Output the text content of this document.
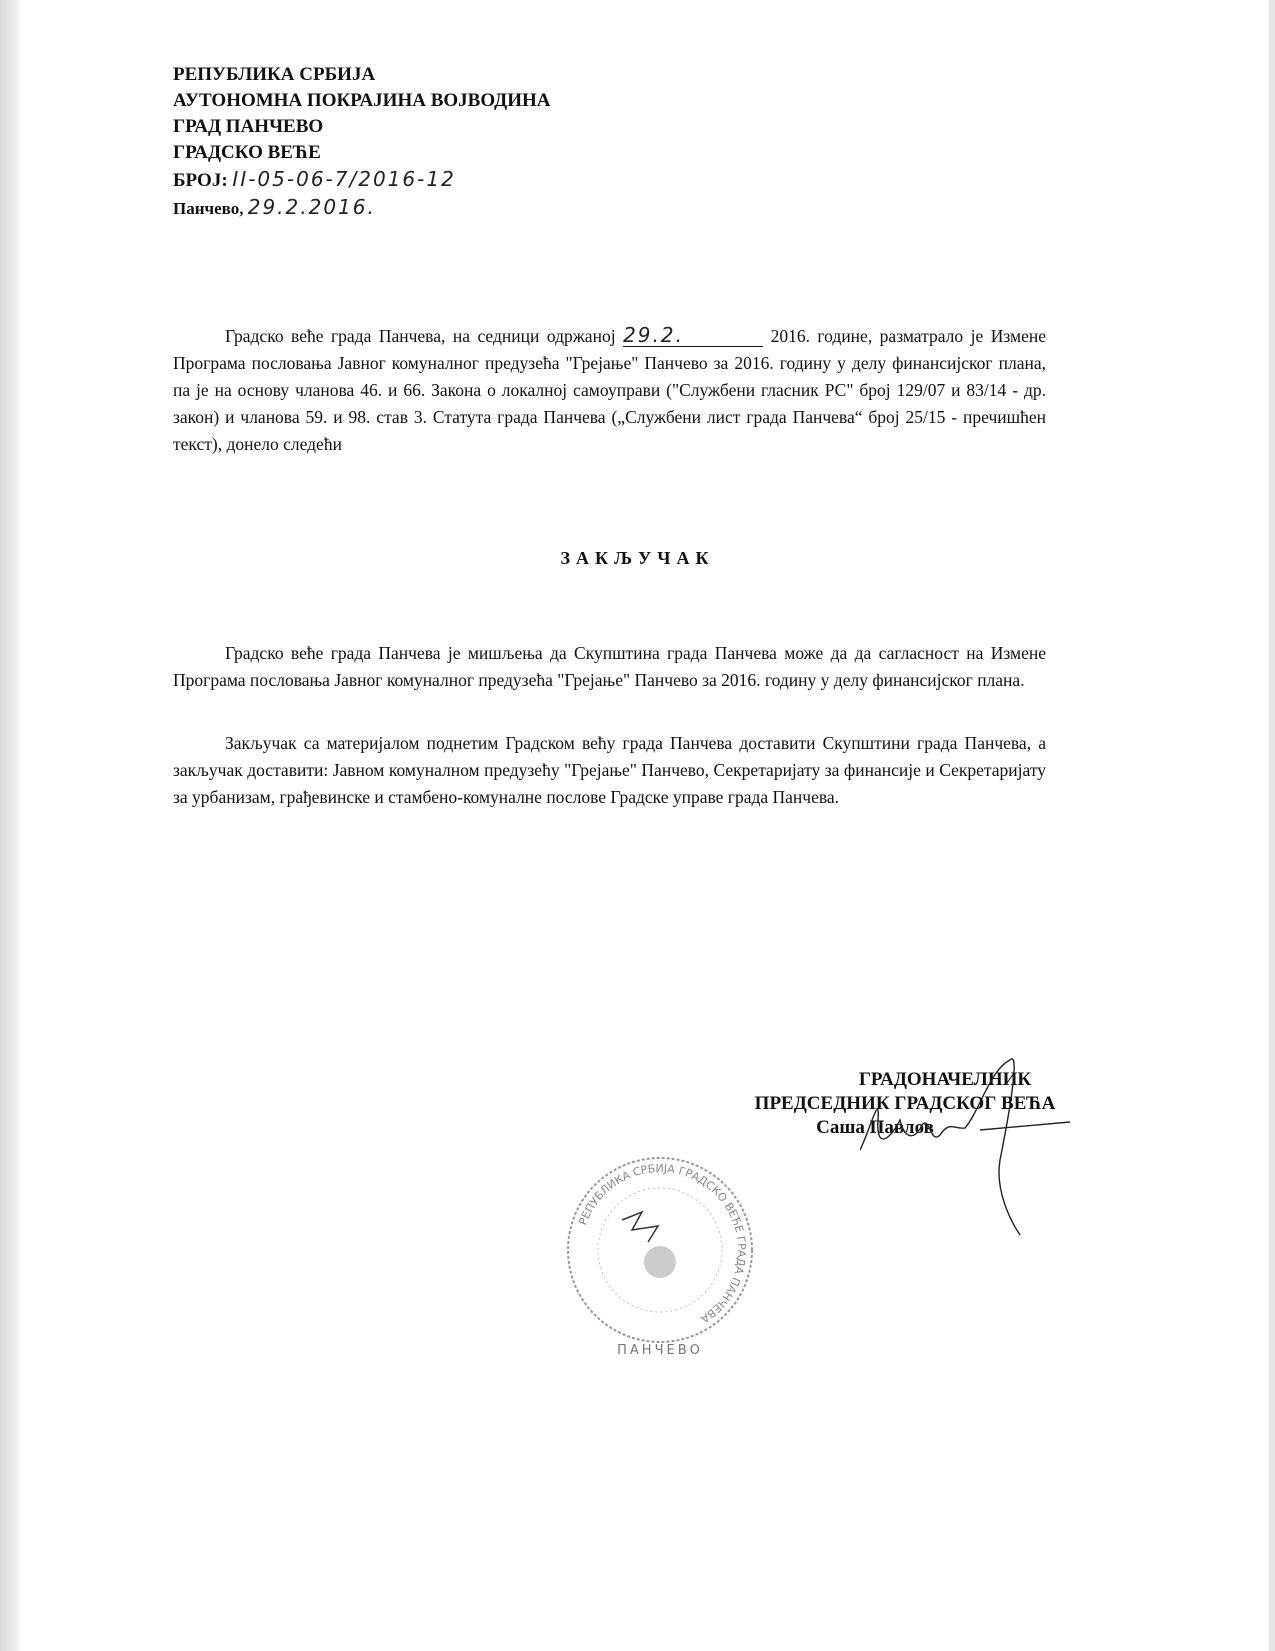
РЕПУБЛИКА СРБИЈА
АУТОНОМНА ПОКРАЈИНА ВОЈВОДИНА
ГРАД ПАНЧЕВО
ГРАДСКО ВЕЋЕ
БРОЈ: II-05-06-7/2016-12
Панчево, 29.2.2016.
Градско веће града Панчева, на седници одржаној 29.2.	2016. године, разматрало је Измене Програма пословања Јавног комуналног предузећа "Грејање" Панчево за 2016. годину у делу финансијског плана, па је на основу чланова 46. и 66. Закона о локалној самоуправи ("Службени гласник РС" број 129/07 и 83/14 - др. закон) и чланова 59. и 98. став 3. Статута града Панчева („Службени лист града Панчева“ број 25/15 - пречишћен текст), донело следећи
ЗАКЉУЧАК
Градско веће града Панчева је мишљења да Скупштина града Панчева може да да сагласност на Измене Програма пословања Јавног комуналног предузећа "Грејање" Панчево за 2016. годину у делу финансијског плана.
Закључак са материјалом поднетим Градском већу града Панчева доставити Скупштини града Панчева, а закључак доставити: Јавном комуналном предузећу "Грејање" Панчево, Секретаријату за финансије и Секретаријату за урбанизам, грађевинске и стамбено-комуналне послове Градске управе града Панчева.
РЕПУБЛИКА СРБИЈА ГРАДСКО ВЕЋЕ ГРАДА ПАНЧЕВА
ПАНЧЕВО
ГРАДОНАЧЕЛНИК
ПРЕДСЕДНИК ГРАДСКОГ ВЕЋА
Саша Павлов
